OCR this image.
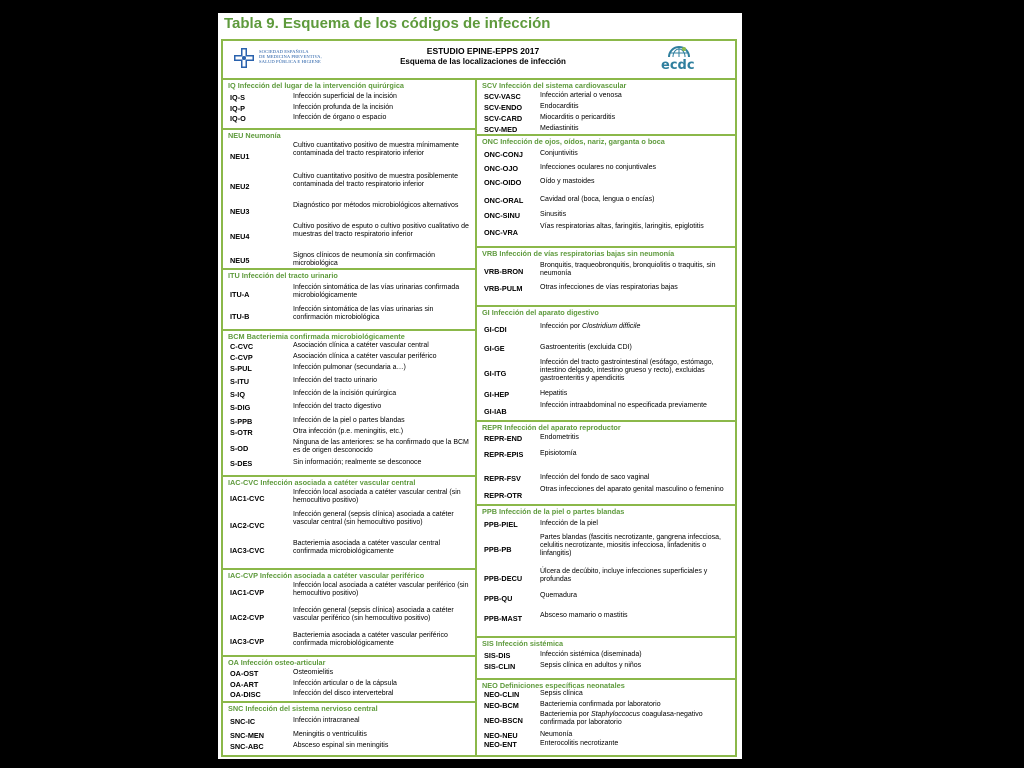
Tabla 9. Esquema de los códigos de infección
SOCIEDAD ESPAÑOLA
DE MEDICINA PREVENTIVA,
SALUD PÚBLICA E HIGIENE
ESTUDIO EPINE-EPPS 2017
Esquema de las localizaciones de infección	ecdc
IQ Infección del lugar de la intervención quirúrgica
IQ-S	Infección superficial de la incisión
IQ-P	Infección profunda de la incisión
IQ-O	Infección de órgano o espacio
NEU Neumonía
NEU1
Cultivo cuantitativo positivo de muestra mínimamente contaminada del tracto respiratorio inferior
NEU2
Cultivo cuantitativo positivo de muestra posiblemente contaminada del tracto respiratorio inferior
NEU3
Diagnóstico por métodos microbiológicos alternativos
NEU4
Cultivo positivo de esputo o cultivo positivo cualitativo de muestras del tracto respiratorio inferior
NEU5
Signos clínicos de neumonía sin confirmación microbiológica
ITU Infección del tracto urinario
ITU-A
Infección sintomática de las vías urinarias confirmada microbiológicamente
ITU-B
Infección sintomática de las vías urinarias sin confirmación microbiológica
BCM Bacteriemia confirmada microbiológicamente
C-CVC	Asociación clínica a catéter vascular central
C-CVP	Asociación clínica a catéter vascular periférico
S-PUL	Infección pulmonar (secundaria a…)
S-ITU	Infección del tracto urinario
S-IQ	Infección de la incisión quirúrgica
S-DIG	Infección del tracto digestivo
S-PPB	Infección de la piel o partes blandas
S-OTR	Otra infección (p.e. meningitis, etc.)
S-OD
Ninguna de las anteriores: se ha confirmado que la BCM es de origen desconocido
S-DES	Sin información; realmente se desconoce
IAC-CVC Infección asociada a catéter vascular central
IAC1-CVC
Infección local asociada a catéter vascular central (sin hemocultivo positivo)
IAC2-CVC
Infección general (sepsis clínica) asociada a catéter vascular central (sin hemocultivo positivo)
IAC3-CVC
Bacteriemia asociada a catéter vascular central confirmada microbiológicamente
IAC-CVP Infección asociada a catéter vascular periférico
IAC1-CVP
Infección local asociada a catéter vascular periférico (sin hemocultivo positivo)
IAC2-CVP
Infección general (sepsis clínica) asociada a catéter vascular periférico (sin hemocultivo positivo)
IAC3-CVP
Bacteriemia asociada a catéter vascular periférico confirmada microbiológicamente
OA Infección osteo-articular
OA-OST	Osteomielitis
OA-ART	Infección articular o de la cápsula
OA-DISC	Infección del disco intervertebral
SNC Infección del sistema nervioso central
SNC-IC	Infección intracraneal
SNC-MEN	Meningitis o ventriculitis
SNC-ABC	Absceso espinal sin meningitis
SCV Infección del sistema cardiovascular
SCV-VASC	Infección arterial o venosa
SCV-ENDO	Endocarditis
SCV-CARD	Miocarditis o pericarditis
SCV-MED	Mediastinitis
ONC Infección de ojos, oídos, nariz, garganta o boca
ONC-CONJ Conjuntivitis
ONC-OJO	Infecciones oculares no conjuntivales
ONC-OIDO	Oído y mastoides
ONC-ORAL Cavidad oral (boca, lengua o encías)
ONC-SINU	Sinusitis
ONC-VRA
Vías respiratorias altas, faringitis, laringitis, epiglotitis
VRB Infección de vías respiratorias bajas sin neumonía
VRB-BRON
Bronquitis, traqueobronquitis, bronquiolitis o traquitis, sin neumonía
VRB-PULM Otras infecciones de vías respiratorias bajas
GI Infección del aparato digestivo
GI-CDI	Infección por Clostridium difficile
GI-GE	Gastroenteritis (excluida CDI)
GI-ITG
Infección del tracto gastrointestinal (esófago, estómago, intestino delgado, intestino grueso y recto), excluidas gastroenteritis y apendicitis
GI-HEP	Hepatitis
GI-IAB
Infección intraabdominal no especificada previamente
REPR Infección del aparato reproductor
REPR-END	Endometritis
REPR-EPIS Episiotomía
REPR-FSV	Infección del fondo de saco vaginal
REPR-OTR
Otras infecciones del aparato genital masculino o femenino
PPB Infección de la piel o partes blandas
PPB-PIEL	Infección de la piel
PPB-PB
Partes blandas (fascitis necrotizante, gangrena infecciosa, celulitis necrotizante, miositis infecciosa, linfadenitis o linfangitis)
PPB-DECU
Úlcera de decúbito, incluye infecciones superficiales y profundas
PPB-QU	Quemadura
PPB-MAST	Absceso mamario o mastitis
SIS Infección sistémica
SIS-DIS	Infección sistémica (diseminada)
SIS-CLIN	Sepsis clínica en adultos y niños
NEO Definiciones específicas neonatales
NEO-CLIN	Sepsis clínica
NEO-BCM	Bacteriemia confirmada por laboratorio
NEO-BSCN
Bacteriemia por Staphyloccocus coagulasa-negativo confirmada por laboratorio
NEO-NEU	Neumonía
NEO-ENT	Enterocolitis necrotizante
